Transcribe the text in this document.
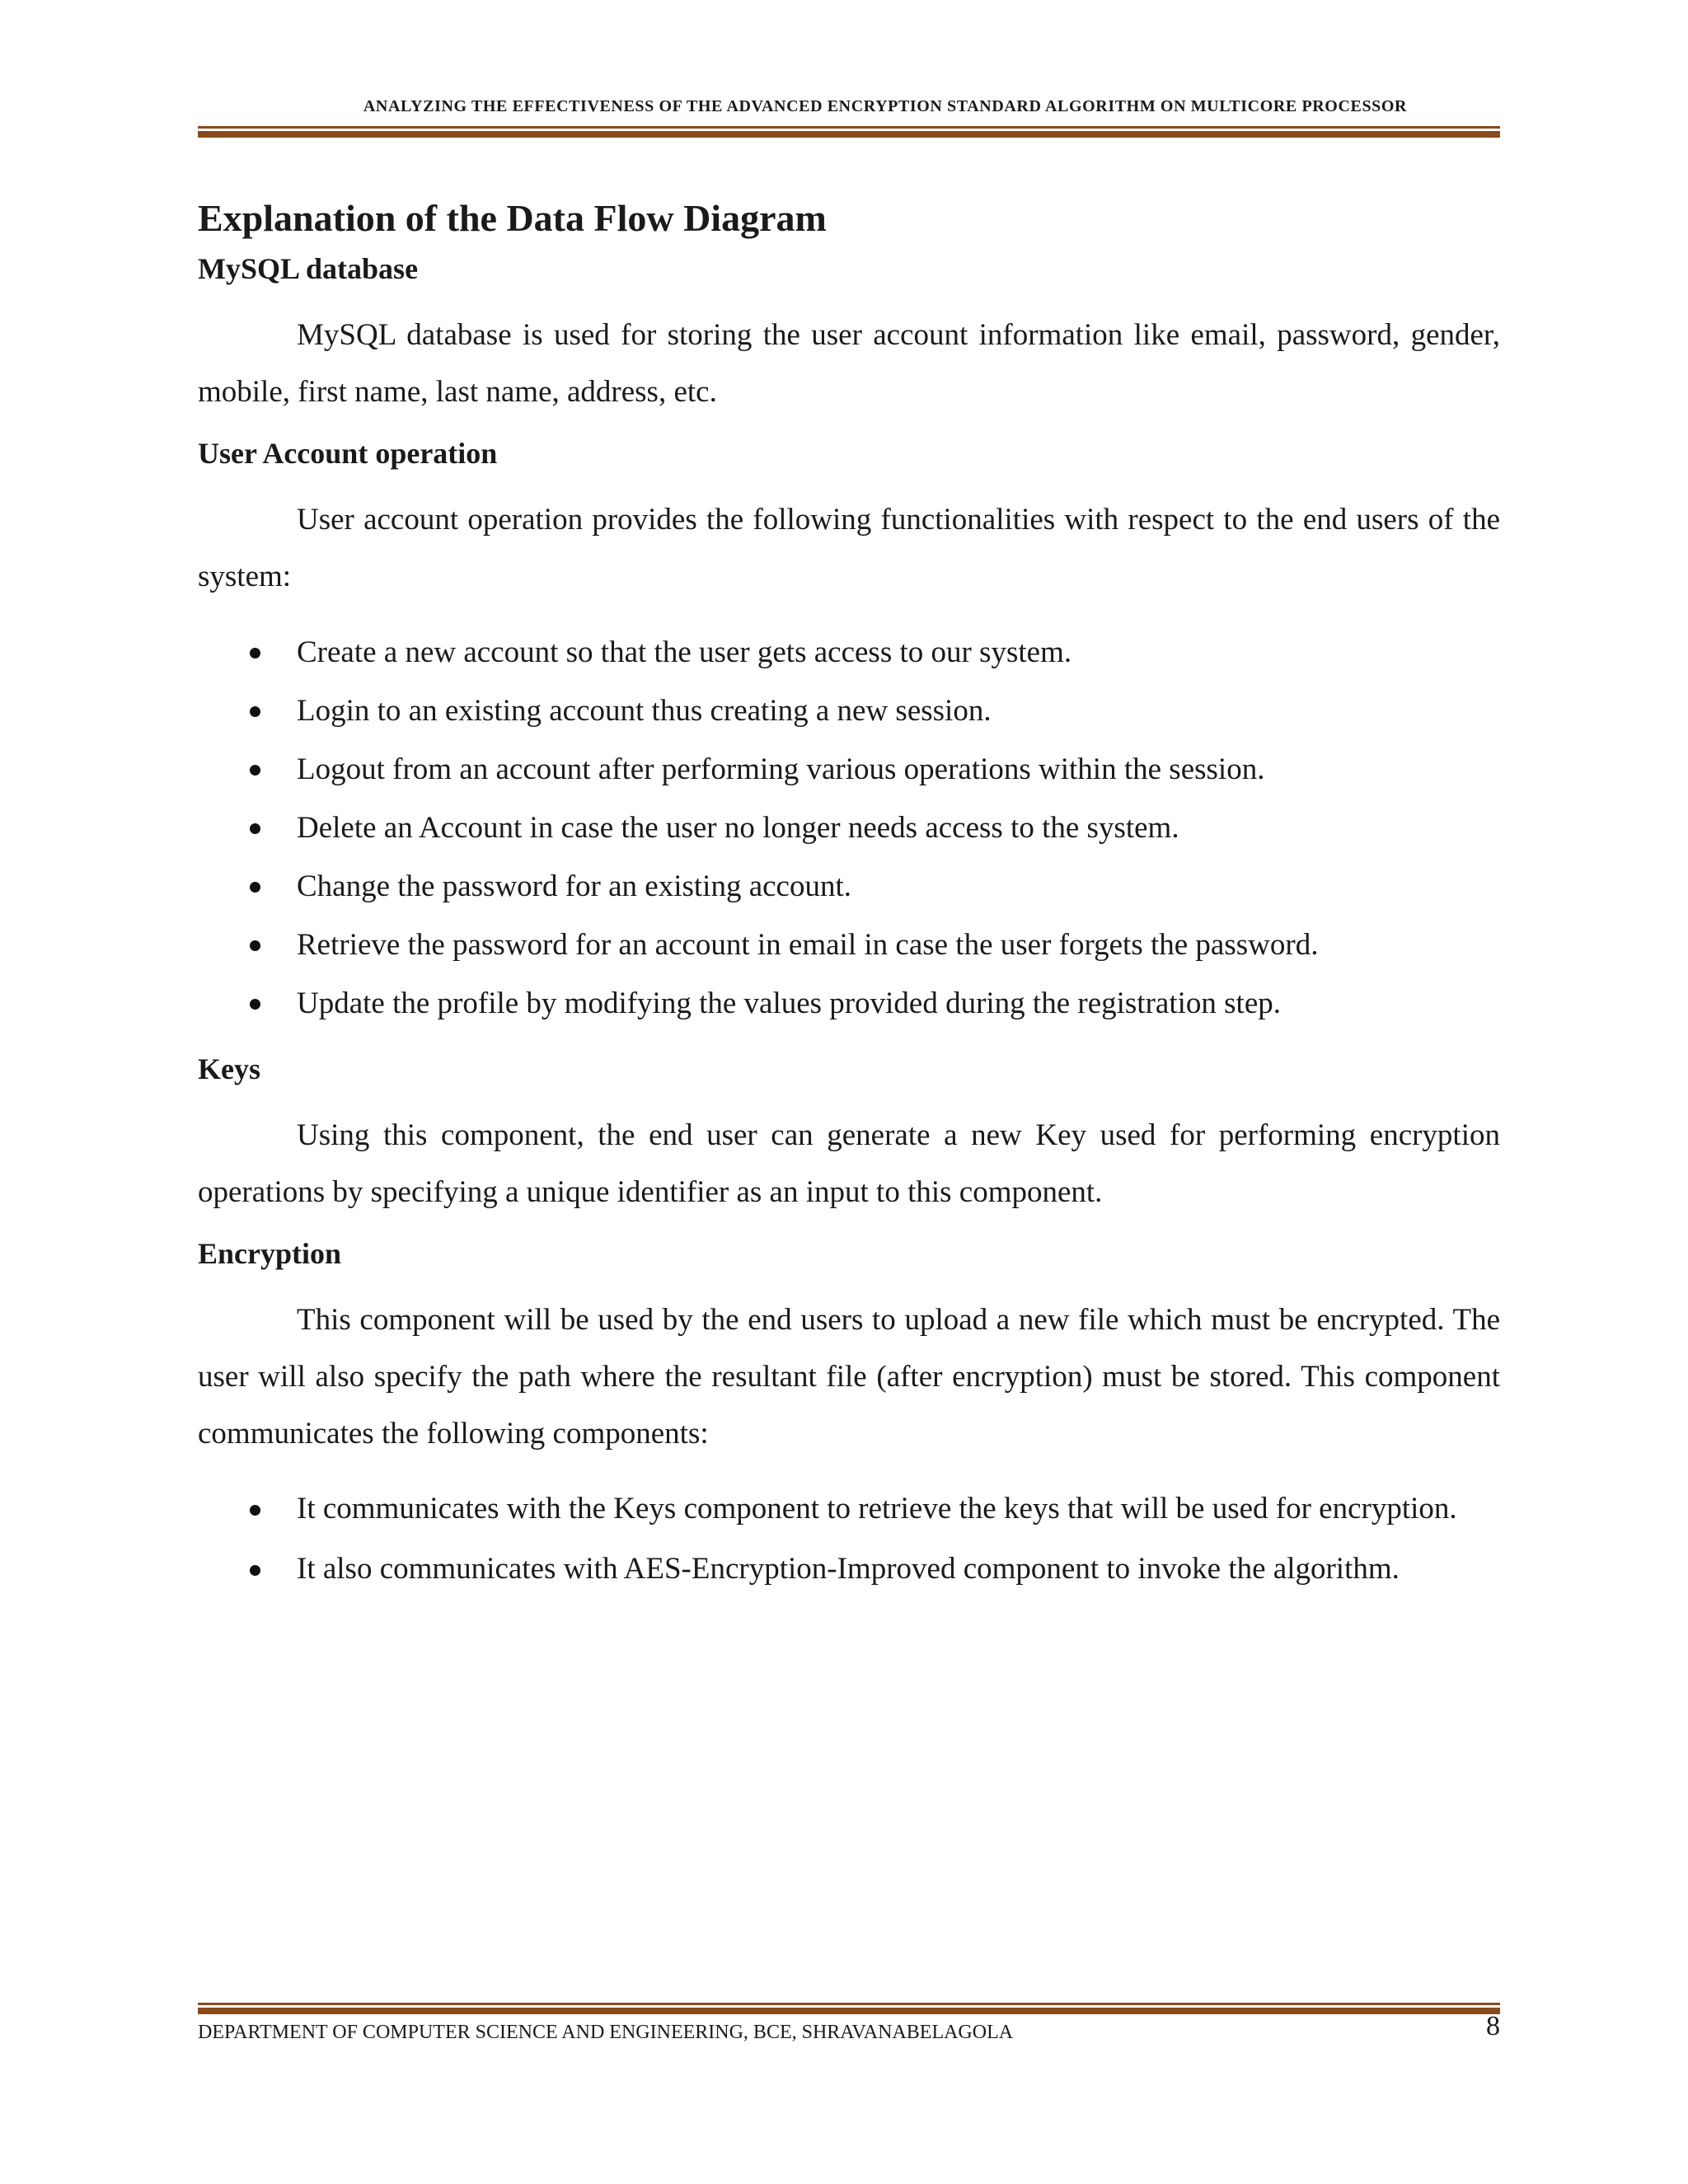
ANALYZING THE EFFECTIVENESS OF THE ADVANCED ENCRYPTION STANDARD ALGORITHM ON MULTICORE PROCESSOR
Explanation of the Data Flow Diagram
MySQL database

MySQL database is used for storing the user account information like email, password, gender, mobile, first name, last name, address, etc.

User Account operation

User account operation provides the following functionalities with respect to the end users of the system:

Create a new account so that the user gets access to our system.
Login to an existing account thus creating a new session.
Logout from an account after performing various operations within the session.
Delete an Account in case the user no longer needs access to the system.
Change the password for an existing account.
Retrieve the password for an account in email in case the user forgets the password.
Update the profile by modifying the values provided during the registration step.
Keys

Using this component, the end user can generate a new Key used for performing encryption operations by specifying a unique identifier as an input to this component.

Encryption

This component will be used by the end users to upload a new file which must be encrypted. The user will also specify the path where the resultant file (after encryption) must be stored. This component communicates the following components:

It communicates with the Keys component to retrieve the keys that will be used for encryption.
It also communicates with AES-Encryption-Improved component to invoke the algorithm.
DEPARTMENT OF COMPUTER SCIENCE AND ENGINEERING, BCE, SHRAVANABELAGOLA	8
